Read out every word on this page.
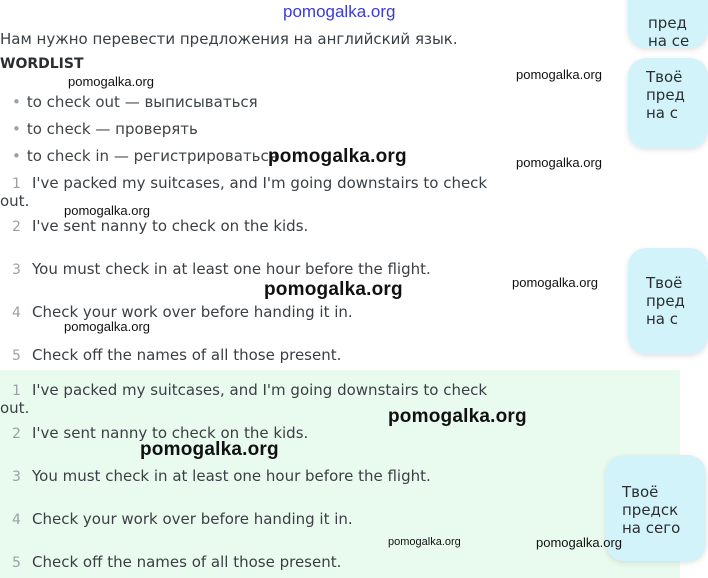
pomogalka.org
Нам нужно перевести предложения на английский язык.
WORDLIST
• to check out — выписываться
• to check — проверять
• to check in — регистрироваться
1 I've packed my suitcases, and I'm going downstairs to check out.
2 I've sent nanny to check on the kids.
3 You must check in at least one hour before the flight.
4 Check your work over before handing it in.
5 Check off the names of all those present.
1 I've packed my suitcases, and I'm going downstairs to check out.
2 I've sent nanny to check on the kids.
3 You must check in at least one hour before the flight.
4 Check your work over before handing it in.
5 Check off the names of all those present.
пред
на се
Твоё
пред
на с
Твоё
пред
на с
Твоё
предск
на сего
pomogalka.org	pomogalka.org
pomogalka.org	pomogalka.org
pomogalka.org
pomogalka.org
pomogalka.org
pomogalka.org
pomogalka.org
pomogalka.org
pomogalka.org	pomogalka.org
